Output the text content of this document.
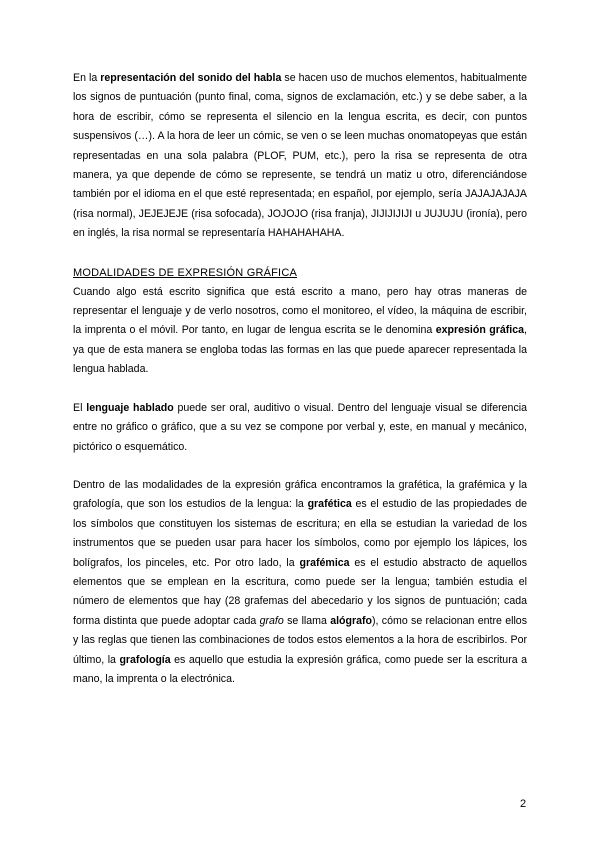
En la representación del sonido del habla se hacen uso de muchos elementos, habitualmente los signos de puntuación (punto final, coma, signos de exclamación, etc.) y se debe saber, a la hora de escribir, cómo se representa el silencio en la lengua escrita, es decir, con puntos suspensivos (…). A la hora de leer un cómic, se ven o se leen muchas onomatopeyas que están representadas en una sola palabra (PLOF, PUM, etc.), pero la risa se representa de otra manera, ya que depende de cómo se represente, se tendrá un matiz u otro, diferenciándose también por el idioma en el que esté representada; en español, por ejemplo, sería JAJAJAJAJA (risa normal), JEJEJEJE (risa sofocada), JOJOJO (risa franja), JIJIJIJIJI u JUJUJU (ironía), pero en inglés, la risa normal se representaría HAHAHAHAHA.

MODALIDADES DE EXPRESIÓN GRÁFICA

Cuando algo está escrito significa que está escrito a mano, pero hay otras maneras de representar el lenguaje y de verlo nosotros, como el monitoreo, el vídeo, la máquina de escribir, la imprenta o el móvil. Por tanto, en lugar de lengua escrita se le denomina expresión gráfica, ya que de esta manera se engloba todas las formas en las que puede aparecer representada la lengua hablada.

El lenguaje hablado puede ser oral, auditivo o visual. Dentro del lenguaje visual se diferencia entre no gráfico o gráfico, que a su vez se compone por verbal y, este, en manual y mecánico, pictórico o esquemático.

Dentro de las modalidades de la expresión gráfica encontramos la grafética, la grafémica y la grafología, que son los estudios de la lengua: la grafética es el estudio de las propiedades de los símbolos que constituyen los sistemas de escritura; en ella se estudian la variedad de los instrumentos que se pueden usar para hacer los símbolos, como por ejemplo los lápices, los bolígrafos, los pinceles, etc. Por otro lado, la grafémica es el estudio abstracto de aquellos elementos que se emplean en la escritura, como puede ser la lengua; también estudia el número de elementos que hay (28 grafemas del abecedario y los signos de puntuación; cada forma distinta que puede adoptar cada grafo se llama alógrafo), cómo se relacionan entre ellos y las reglas que tienen las combinaciones de todos estos elementos a la hora de escribirlos. Por último, la grafología es aquello que estudia la expresión gráfica, como puede ser la escritura a mano, la imprenta o la electrónica.

2
